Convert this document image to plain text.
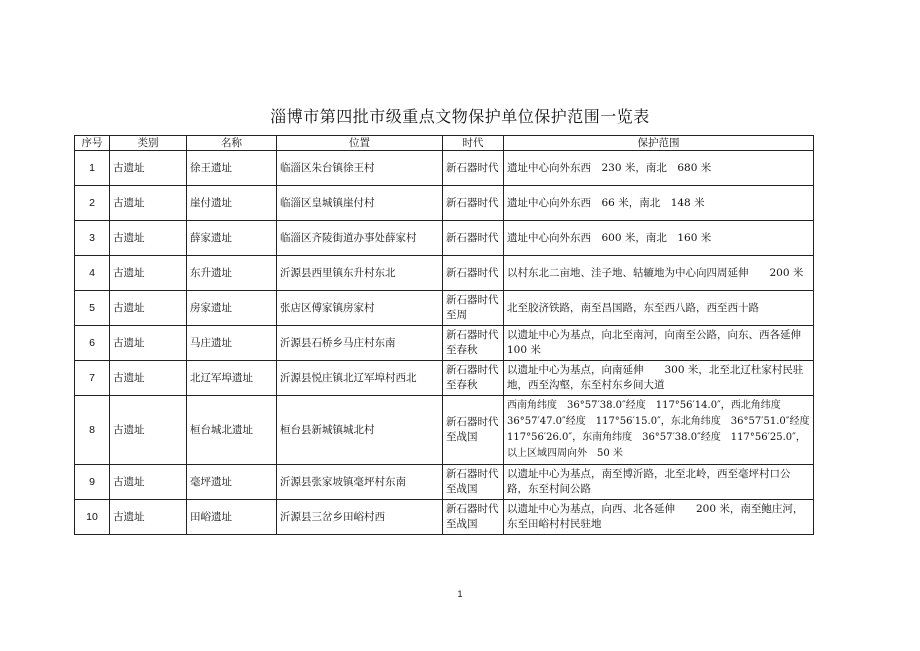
淄博市第四批市级重点文物保护单位保护范围一览表
序号	类别	名称	位置	时代	保护范围
1	古遗址	徐王遗址	临淄区朱台镇徐王村	新石器时代	遗址中心向外东西　230 米，南北　680 米
2	古遗址	崖付遗址	临淄区皇城镇崖付村	新石器时代	遗址中心向外东西　66 米，南北　148 米
3	古遗址	薛家遗址	临淄区齐陵街道办事处薛家村	新石器时代	遗址中心向外东西　600 米，南北　160 米
4	古遗址	东升遗址	沂源县西里镇东升村东北	新石器时代	以村东北二亩地、洼子地、轱辘地为中心向四周延伸　　200 米
5	古遗址	房家遗址	张店区傅家镇房家村	新石器时代至周	北至胶济铁路，南至昌国路，东至西八路，西至西十路
6	古遗址	马庄遗址	沂源县石桥乡马庄村东南	新石器时代至春秋	以遗址中心为基点，向北至南河，向南至公路，向东、西各延伸　100 米
7	古遗址	北辽军埠遗址	沂源县悦庄镇北辽军埠村西北	新石器时代至春秋	以遗址中心为基点，向南延伸　　300 米，北至北辽杜家村民驻地，西至沟壑，东至村东乡间大道
8	古遗址	桓台城北遗址	桓台县新城镇城北村	新石器时代至战国	西南角纬度　36°57′38.0″经度　117°56′14.0″，西北角纬度　36°57′47.0″经度　117°56′15.0″，东北角纬度　36°57′51.0″经度　117°56′26.0″，东南角纬度　36°57′38.0″经度　117°56′25.0″，以上区域四周向外　50 米
9	古遗址	毫坪遗址	沂源县张家坡镇毫坪村东南	新石器时代至战国	以遗址中心为基点，南至博沂路，北至北岭，西至毫坪村口公路，东至村间公路
10	古遗址	田峪遗址	沂源县三岔乡田峪村西	新石器时代至战国	以遗址中心为基点，向西、北各延伸　　200 米，南至鲍庄河，东至田峪村村民驻地
1
